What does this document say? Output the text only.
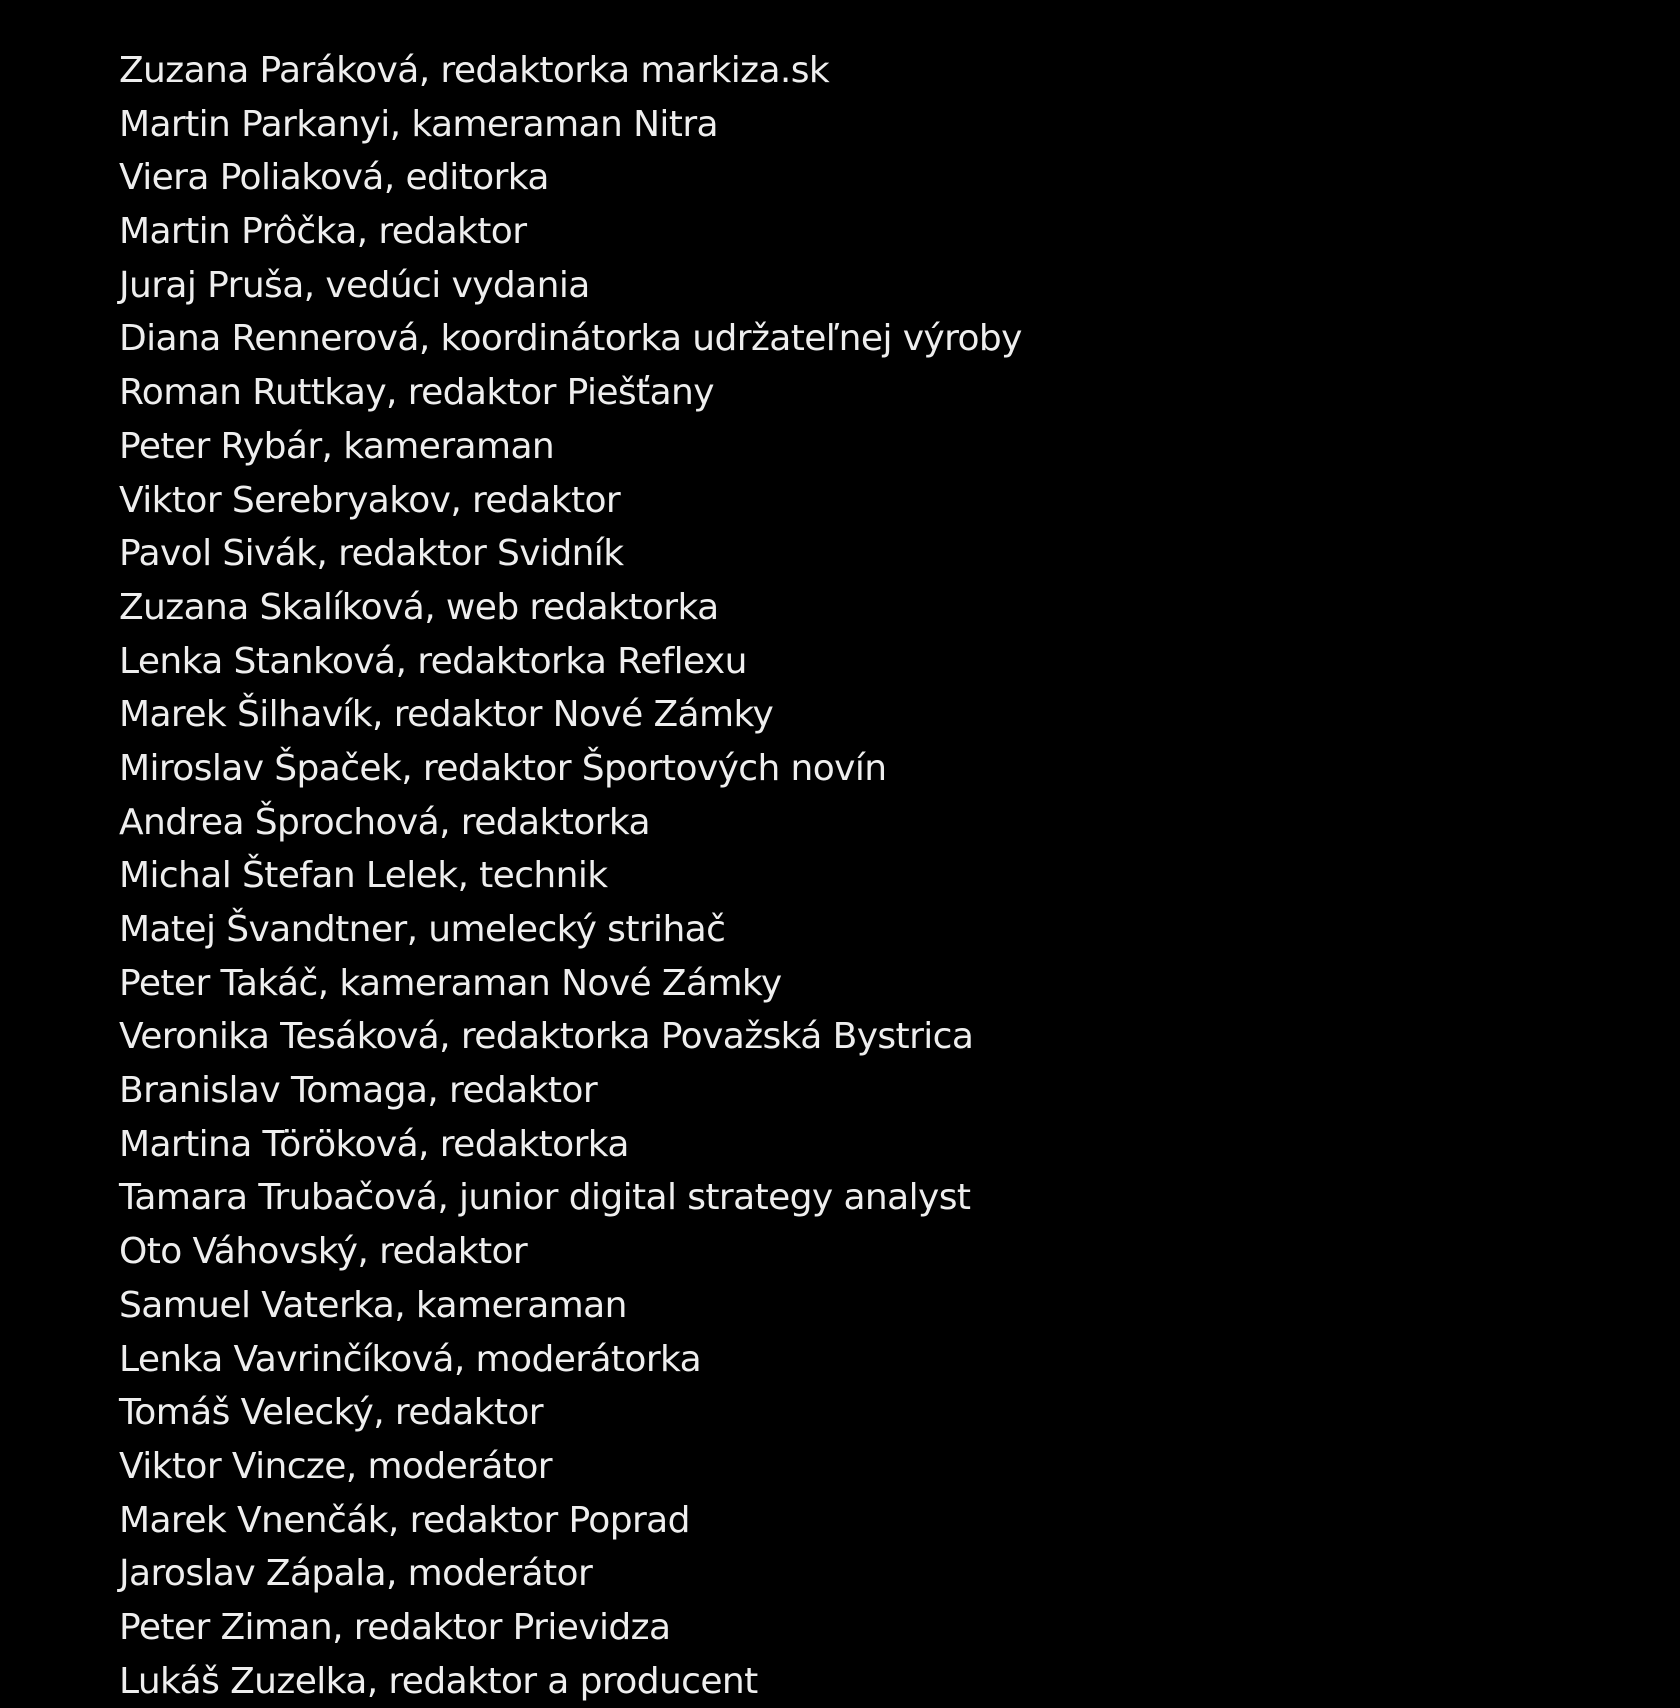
Zuzana Paráková, redaktorka markiza.sk
Martin Parkanyi, kameraman Nitra
Viera Poliaková, editorka
Martin Prôčka, redaktor
Juraj Pruša, vedúci vydania
Diana Rennerová, koordinátorka udržateľnej výroby
Roman Ruttkay, redaktor Piešťany
Peter Rybár, kameraman
Viktor Serebryakov, redaktor
Pavol Sivák, redaktor Svidník
Zuzana Skalíková, web redaktorka
Lenka Stanková, redaktorka Reflexu
Marek Šilhavík, redaktor Nové Zámky
Miroslav Špaček, redaktor Športových novín
Andrea Šprochová, redaktorka
Michal Štefan Lelek, technik
Matej Švandtner, umelecký strihač
Peter Takáč, kameraman Nové Zámky
Veronika Tesáková, redaktorka Považská Bystrica
Branislav Tomaga, redaktor
Martina Töröková, redaktorka
Tamara Trubačová, junior digital strategy analyst
Oto Váhovský, redaktor
Samuel Vaterka, kameraman
Lenka Vavrinčíková, moderátorka
Tomáš Velecký, redaktor
Viktor Vincze, moderátor
Marek Vnenčák, redaktor Poprad
Jaroslav Zápala, moderátor
Peter Ziman, redaktor Prievidza
Lukáš Zuzelka, redaktor a producent
